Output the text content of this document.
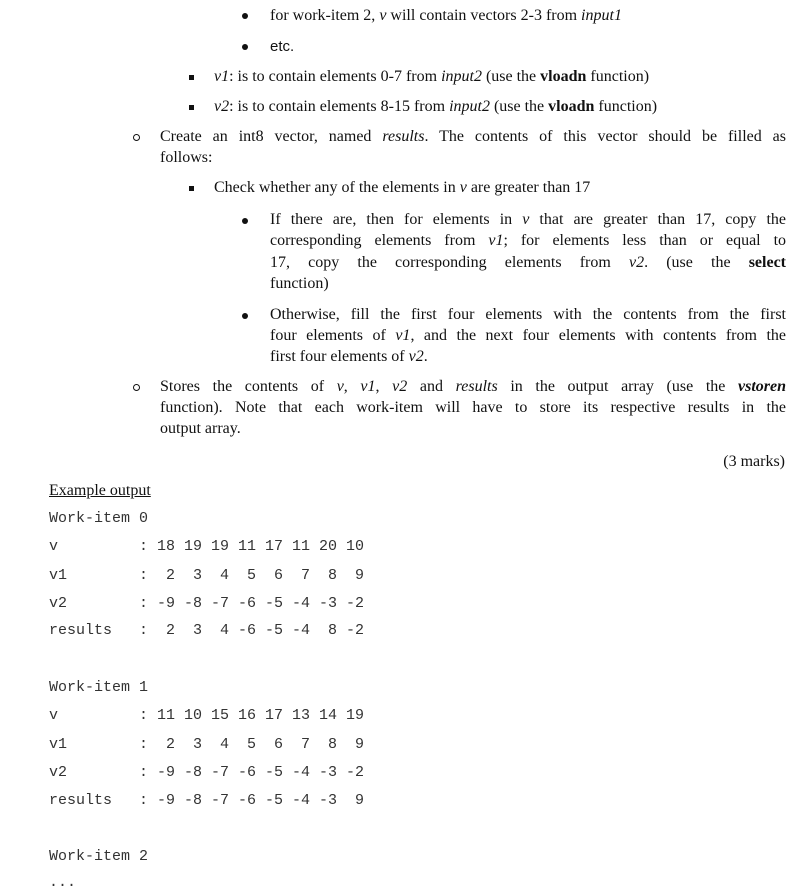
for work-item 2, v will contain vectors 2-3 from input1
etc.
v1: is to contain elements 0-7 from input2 (use the vloadn function)
v2: is to contain elements 8-15 from input2 (use the vloadn function)
Create an int8 vector, named results. The contents of this vector should be filled as
follows:
Check whether any of the elements in v are greater than 17
If there are, then for elements in v that are greater than 17, copy the
corresponding elements from v1; for elements less than or equal to
17, copy the corresponding elements from v2. (use the select
function)
Otherwise, fill the first four elements with the contents from the first
four elements of v1, and the next four elements with contents from the
first four elements of v2.
Stores the contents of v, v1, v2 and results in the output array (use the vstoren
function). Note that each work-item will have to store its respective results in the
output array.
(3 marks)
Example output
Work-item 0
v	: 18 19 19 11 17 11 20 10
v1	:  2  3  4  5  6  7  8  9
v2	: -9 -8 -7 -6 -5 -4 -3 -2
results :  2  3  4 -6 -5 -4  8 -2
Work-item 1
v	: 11 10 15 16 17 13 14 19
v1	:  2  3  4  5  6  7  8  9
v2	: -9 -8 -7 -6 -5 -4 -3 -2
results : -9 -8 -7 -6 -5 -4 -3  9
Work-item 2
...
